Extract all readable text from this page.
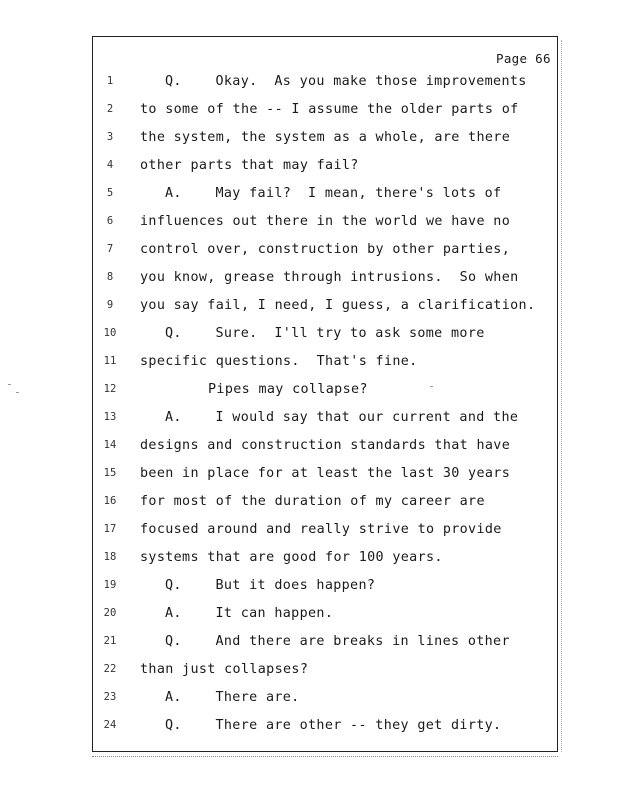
Page 66
1	Q.    Okay.  As you make those improvements
2	to some of the -- I assume the older parts of
3	the system, the system as a whole, are there
4	other parts that may fail?
5	A.    May fail?  I mean, there's lots of
6	influences out there in the world we have no
7	control over, construction by other parties,
8	you know, grease through intrusions.  So when
9	you say fail, I need, I guess, a clarification.
10	Q.    Sure.  I'll try to ask some more
11	specific questions.  That's fine.
12	Pipes may collapse?
13	A.    I would say that our current and the
14	designs and construction standards that have
15	been in place for at least the last 30 years
16	for most of the duration of my career are
17	focused around and really strive to provide
18	systems that are good for 100 years.
19	Q.    But it does happen?
20	A.    It can happen.
21	Q.    And there are breaks in lines other
22	than just collapses?
23	A.    There are.
24	Q.    There are other -- they get dirty.
